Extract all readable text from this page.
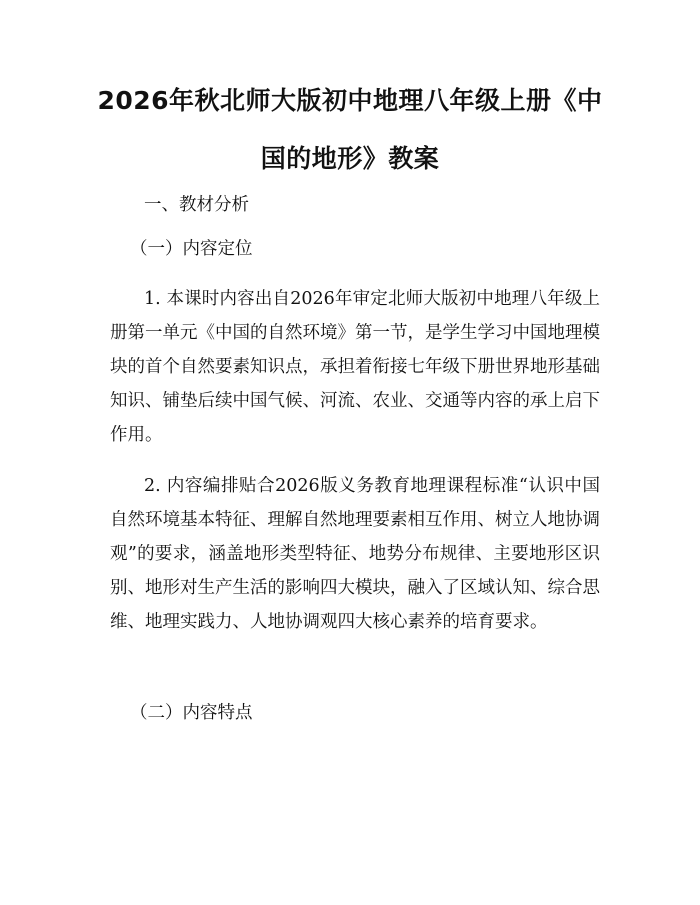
2026年秋北师大版初中地理八年级上册《中国的地形》教案

一、教材分析

（一）内容定位

1. 本课时内容出自2026年审定北师大版初中地理八年级上册第一单元《中国的自然环境》第一节，是学生学习中国地理模块的首个自然要素知识点，承担着衔接七年级下册世界地形基础知识、铺垫后续中国气候、河流、农业、交通等内容的承上启下作用。

2. 内容编排贴合2026版义务教育地理课程标准“认识中国自然环境基本特征、理解自然地理要素相互作用、树立人地协调观”的要求，涵盖地形类型特征、地势分布规律、主要地形区识别、地形对生产生活的影响四大模块，融入了区域认知、综合思维、地理实践力、人地协调观四大核心素养的培育要求。

（二）内容特点
